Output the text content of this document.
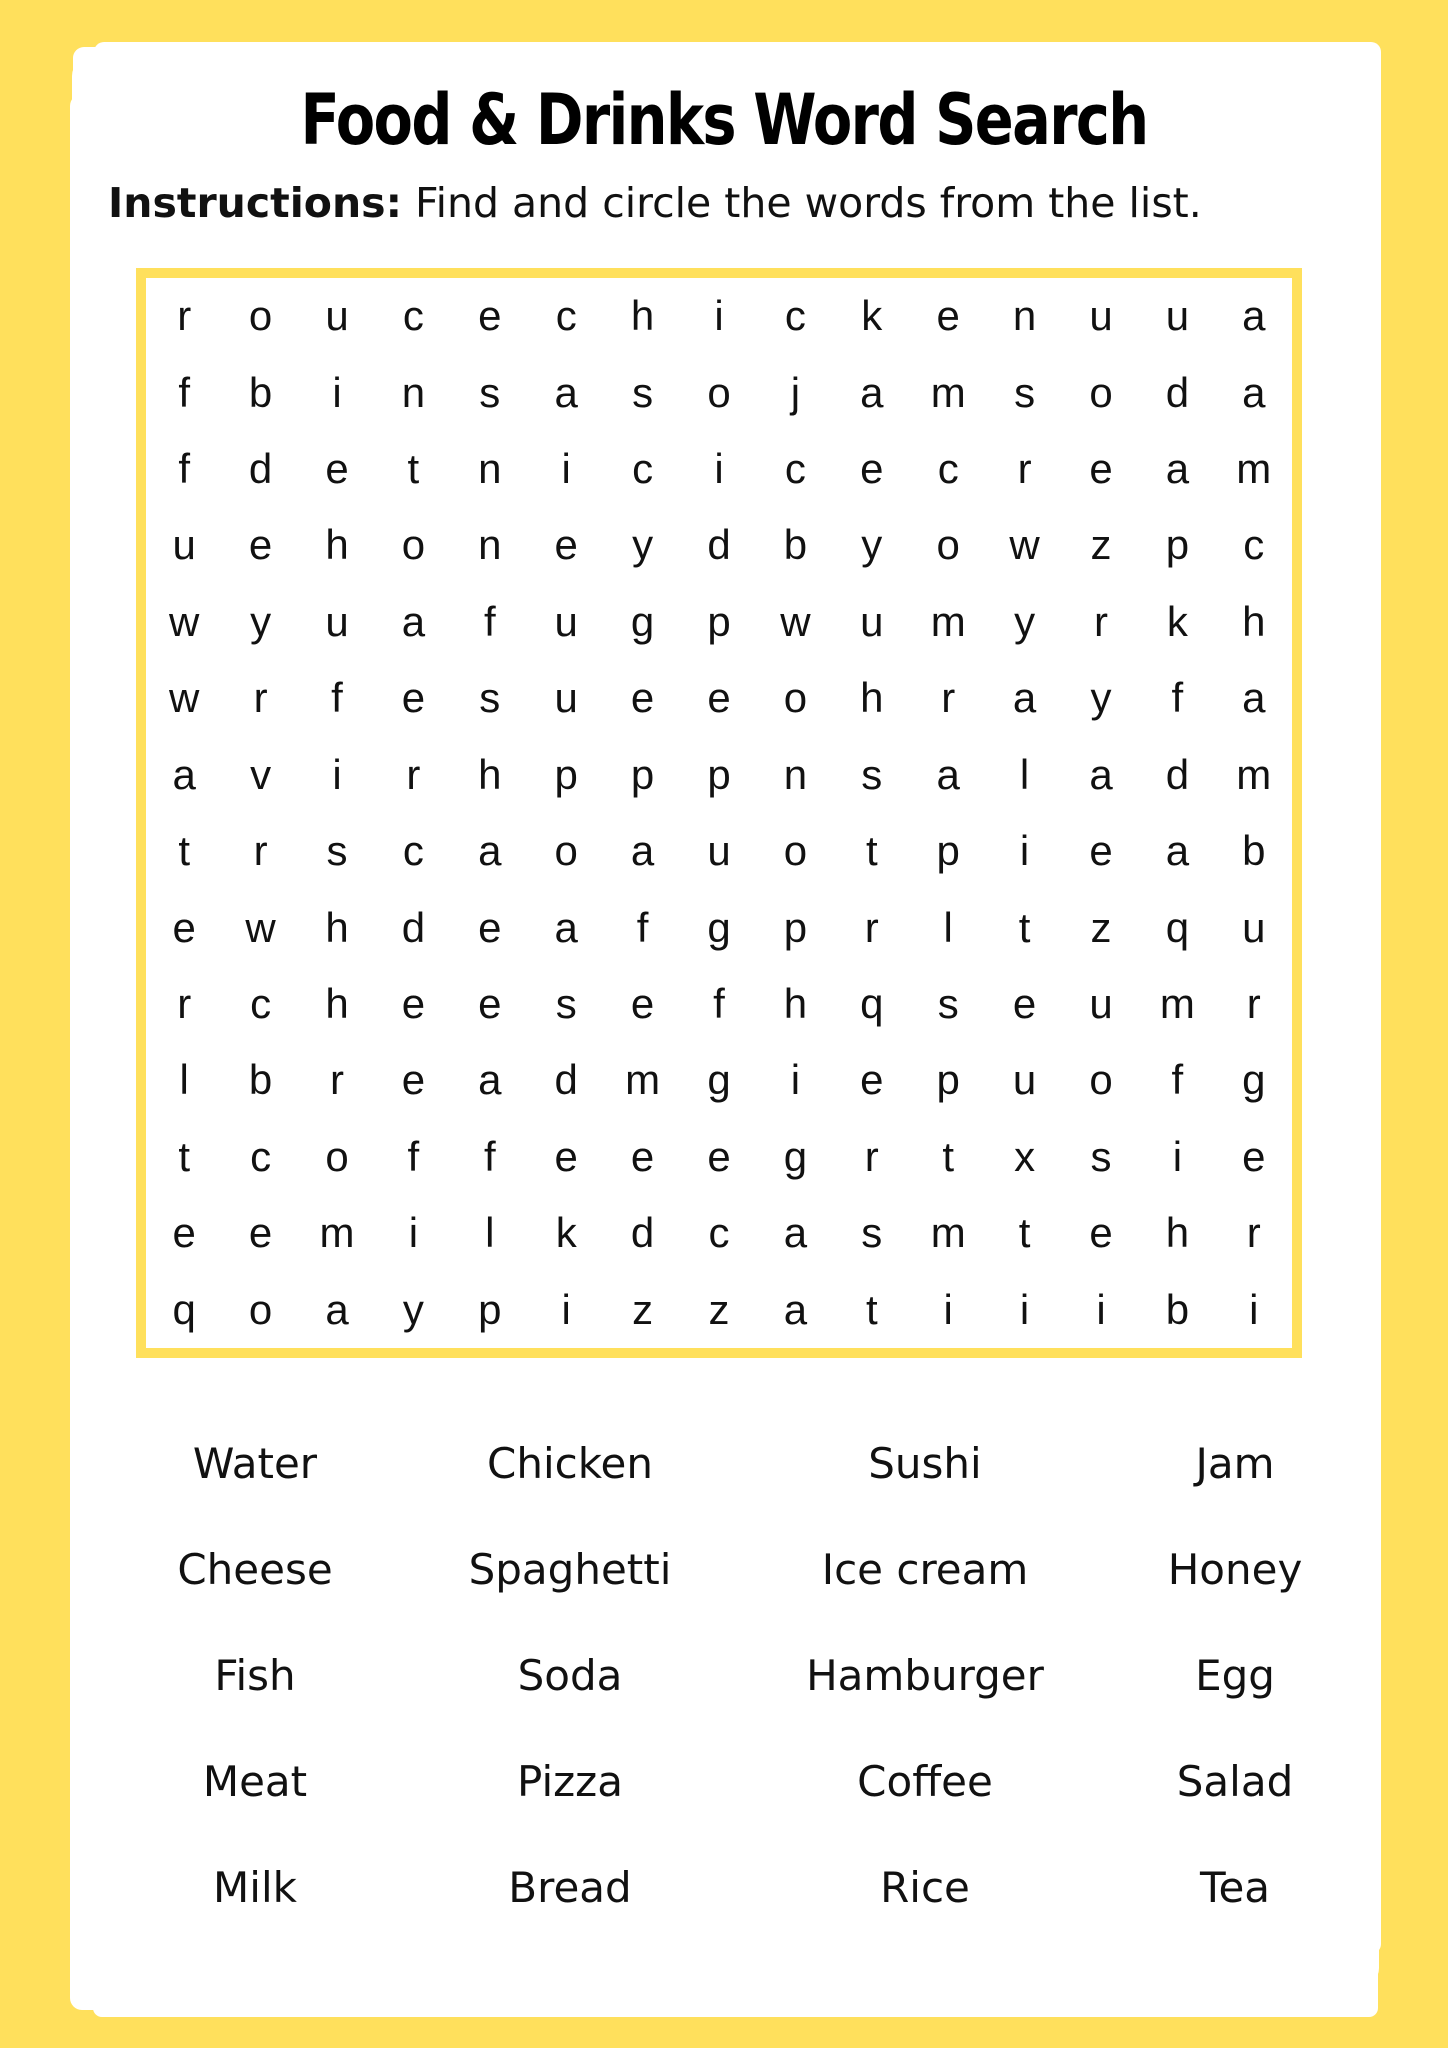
Food & Drinks Word Search
Instructions: Find and circle the words from the list.
r	o	u	c	e	c	h	i	c	k	e	n	u	u	a
f	b	i	n	s	a	s	o	j	a	m	s	o	d	a
f	d	e	t	n	i	c	i	c	e	c	r	e	a	m
u	e	h	o	n	e	y	d	b	y	o	w	z	p	c
w	y	u	a	f	u	g	p	w	u	m	y	r	k	h
w	r	f	e	s	u	e	e	o	h	r	a	y	f	a
a	v	i	r	h	p	p	p	n	s	a	l	a	d	m
t	r	s	c	a	o	a	u	o	t	p	i	e	a	b
e	w	h	d	e	a	f	g	p	r	l	t	z	q	u
r	c	h	e	e	s	e	f	h	q	s	e	u	m	r
l	b	r	e	a	d	m	g	i	e	p	u	o	f	g
t	c	o	f	f	e	e	e	g	r	t	x	s	i	e
e	e	m	i	l	k	d	c	a	s	m	t	e	h	r
q	o	a	y	p	i	z	z	a	t	i	i	i	b	i
Water	Chicken	Sushi	Jam
Cheese	Spaghetti	Ice cream	Honey
Fish	Soda	Hamburger	Egg
Meat	Pizza	Coffee	Salad
Milk	Bread	Rice	Tea
